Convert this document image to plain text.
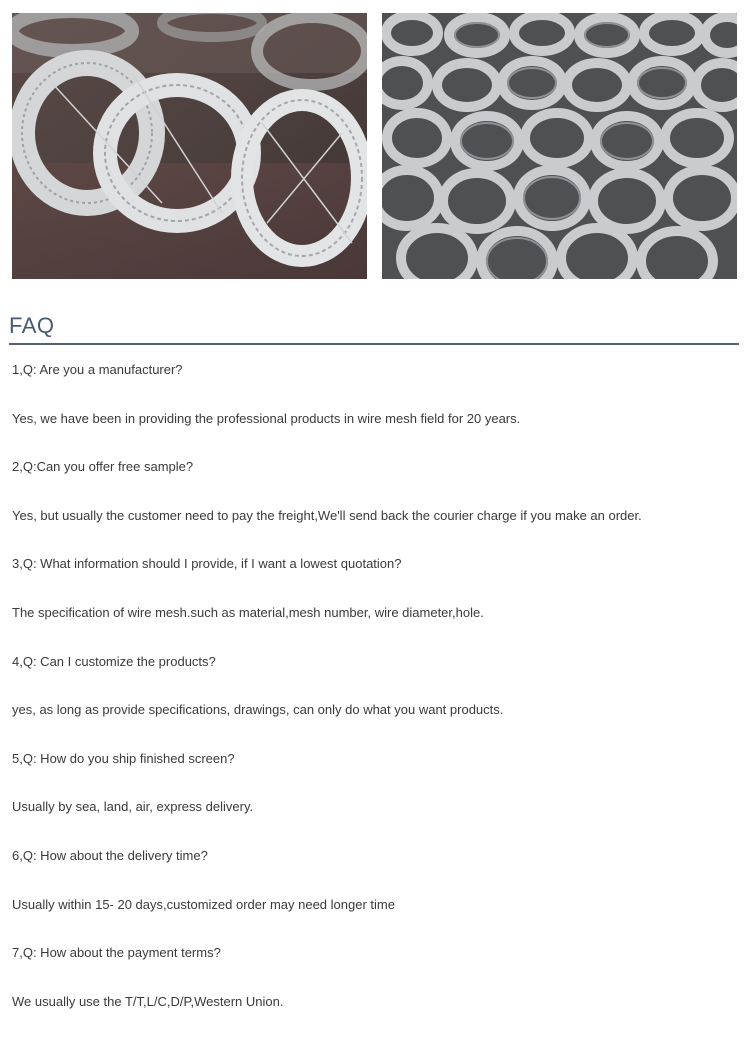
FAQ
1,Q: Are you a manufacturer?
Yes, we have been in providing the professional products in wire mesh field for 20 years.
2,Q:Can you offer free sample?
Yes, but usually the customer need to pay the freight,We'll send back the courier charge if you make an order.
3,Q: What information should I provide, if I want a lowest quotation?
The specification of wire mesh.such as material,mesh number, wire diameter,hole.
4,Q: Can I customize the products?
yes, as long as provide specifications, drawings, can only do what you want products.
5,Q: How do you ship finished screen?
Usually by sea, land, air, express delivery.
6,Q: How about the delivery time?
Usually within 15- 20 days,customized order may need longer time
7,Q: How about the payment terms?
We usually use the T/T,L/C,D/P,Western Union.
